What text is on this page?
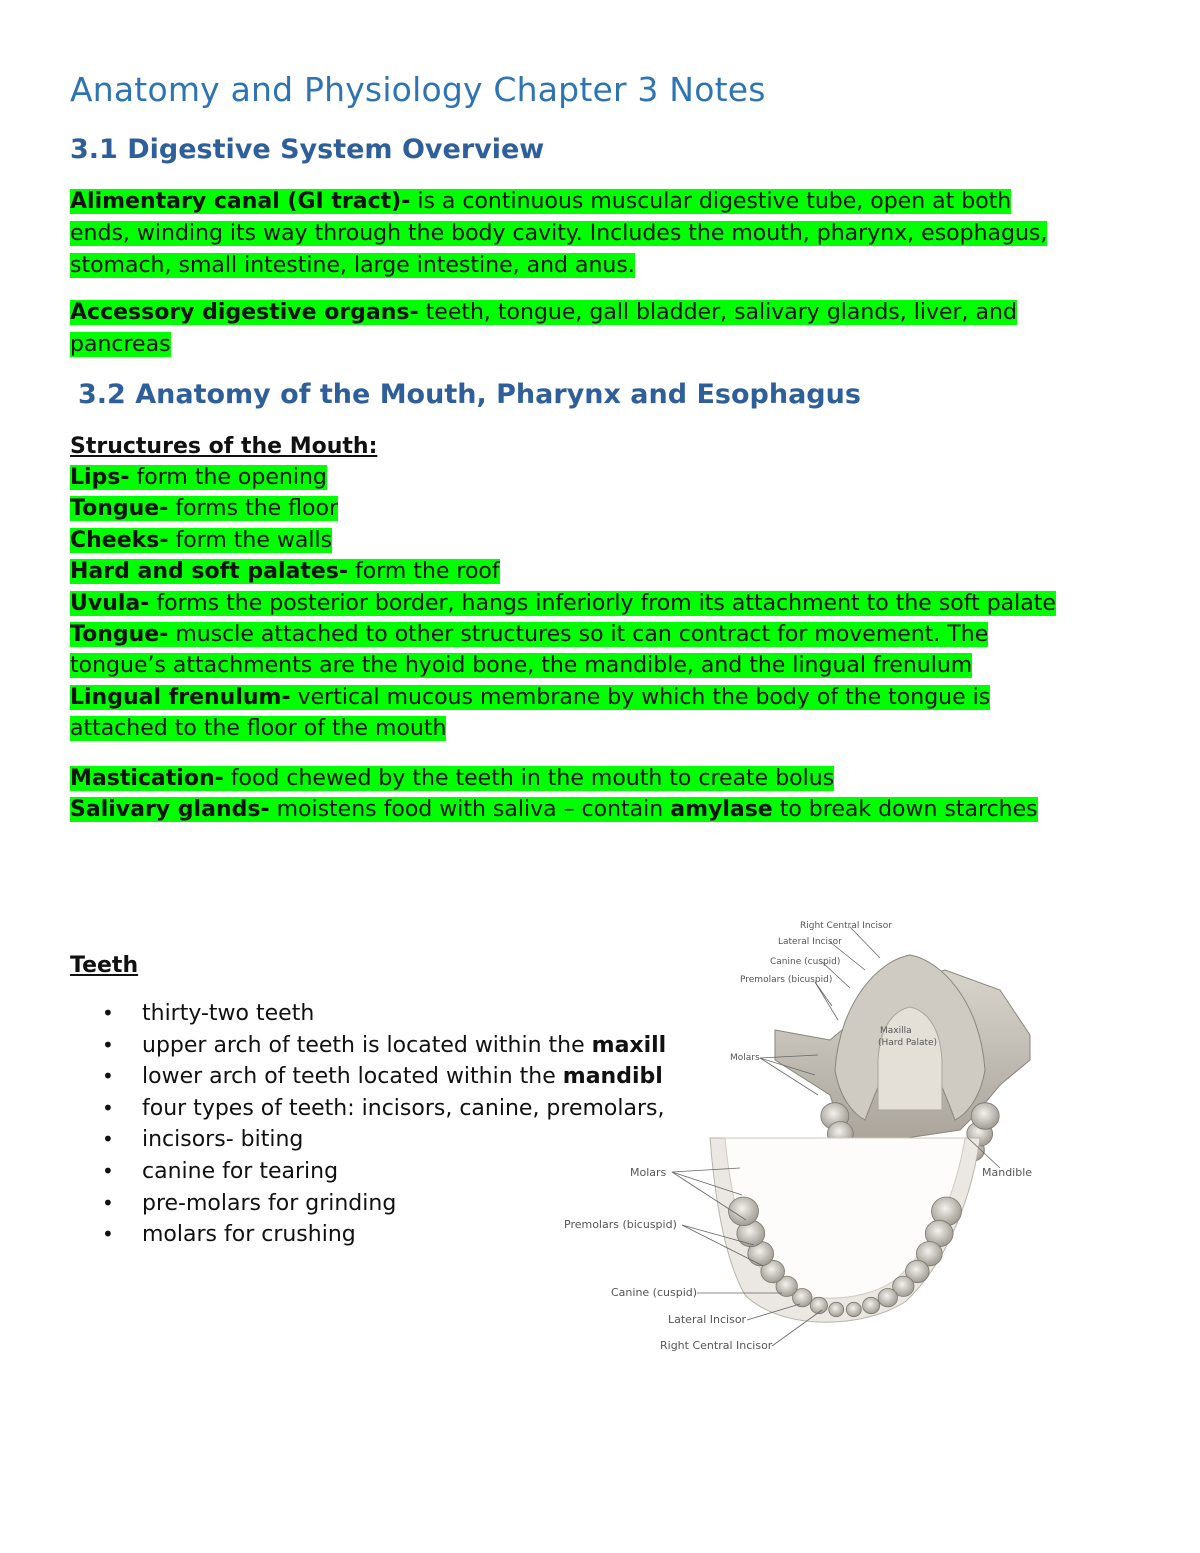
Anatomy and Physiology Chapter 3 Notes
3.1 Digestive System Overview
Alimentary canal (GI tract)- is a continuous muscular digestive tube, open at both
ends, winding its way through the body cavity. Includes the mouth, pharynx, esophagus,
stomach, small intestine, large intestine, and anus.
Accessory digestive organs- teeth, tongue, gall bladder, salivary glands, liver, and
pancreas
3.2 Anatomy of the Mouth, Pharynx and Esophagus
Structures of the Mouth:
Lips- form the opening
Tongue- forms the floor
Cheeks- form the walls
Hard and soft palates- form the roof
Uvula- forms the posterior border, hangs inferiorly from its attachment to the soft palate
Tongue- muscle attached to other structures so it can contract for movement. The
tongue’s attachments are the hyoid bone, the mandible, and the lingual frenulum
Lingual frenulum- vertical mucous membrane by which the body of the tongue is
attached to the floor of the mouth
Mastication- food chewed by the teeth in the mouth to create bolus
Salivary glands- moistens food with saliva – contain amylase to break down starches
Teeth
• thirty-two teeth
• upper arch of teeth is located within the maxill
• lower arch of teeth located within the mandibl
• four types of teeth: incisors, canine, premolars,
• incisors- biting
• canine for tearing
• pre-molars for grinding
• molars for crushing
Maxilla
(Hard Palate)
Right Central Incisor
Lateral Incisor
Canine (cuspid)
Premolars (bicuspid)
Molars
Molars	Mandible
Premolars (bicuspid)
Canine (cuspid)
Lateral Incisor
Right Central Incisor
